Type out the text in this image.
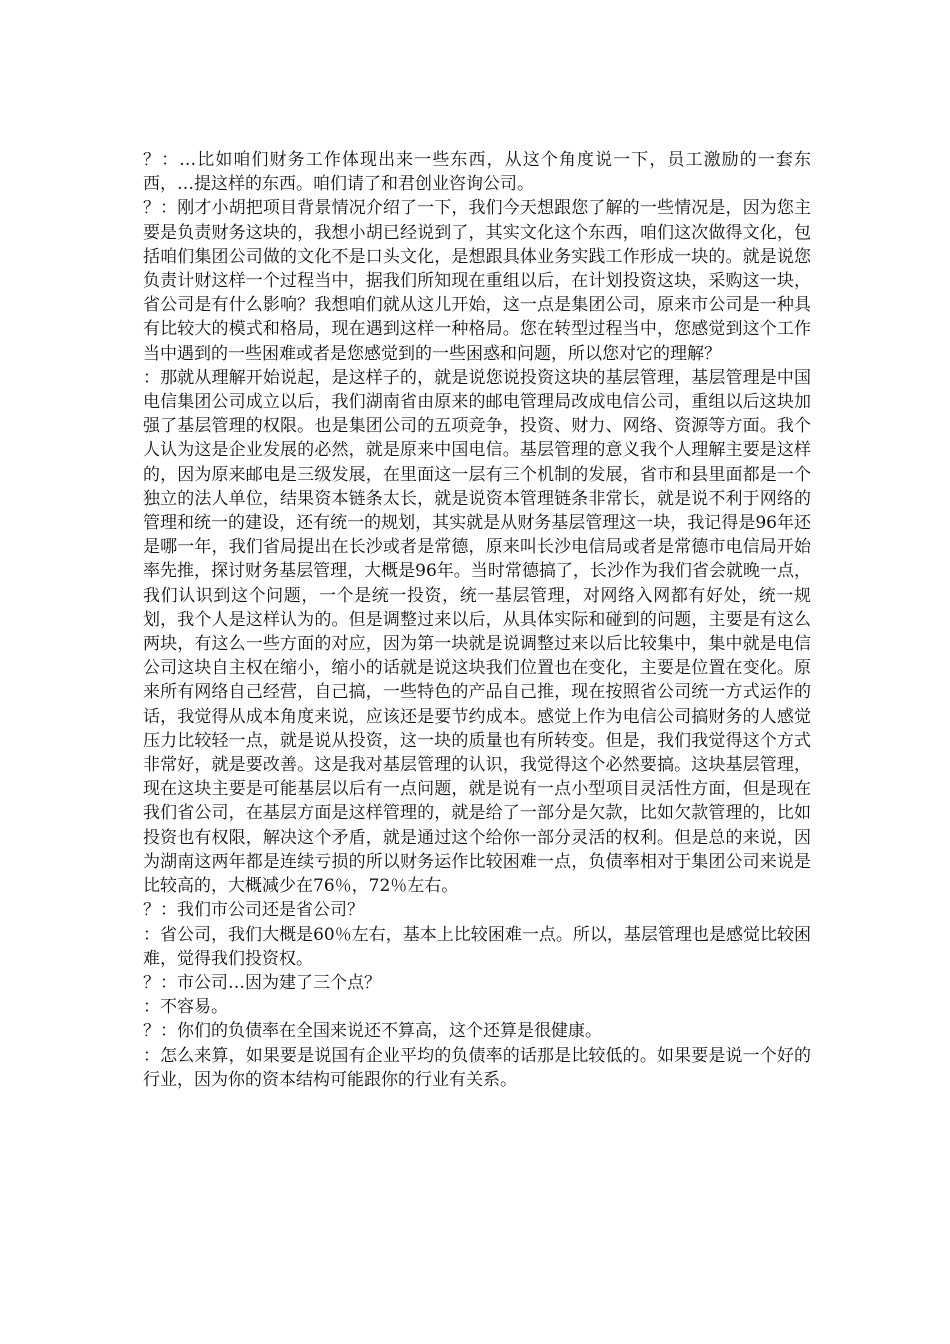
？：…比如咱们财务工作体现出来一些东西，从这个角度说一下，员工激励的一套东西，…提这样的东西。咱们请了和君创业咨询公司。

？：刚才小胡把项目背景情况介绍了一下，我们今天想跟您了解的一些情况是，因为您主要是负责财务这块的，我想小胡已经说到了，其实文化这个东西，咱们这次做得文化，包括咱们集团公司做的文化不是口头文化，是想跟具体业务实践工作形成一块的。就是说您负责计财这样一个过程当中，据我们所知现在重组以后，在计划投资这块，采购这一块，省公司是有什么影响？我想咱们就从这儿开始，这一点是集团公司，原来市公司是一种具有比较大的模式和格局，现在遇到这样一种格局。您在转型过程当中，您感觉到这个工作当中遇到的一些困难或者是您感觉到的一些困惑和问题，所以您对它的理解？

：那就从理解开始说起，是这样子的，就是说您说投资这块的基层管理，基层管理是中国电信集团公司成立以后，我们湖南省由原来的邮电管理局改成电信公司，重组以后这块加强了基层管理的权限。也是集团公司的五项竞争，投资、财力、网络、资源等方面。我个人认为这是企业发展的必然，就是原来中国电信。基层管理的意义我个人理解主要是这样的，因为原来邮电是三级发展，在里面这一层有三个机制的发展，省市和县里面都是一个独立的法人单位，结果资本链条太长，就是说资本管理链条非常长，就是说不利于网络的管理和统一的建设，还有统一的规划，其实就是从财务基层管理这一块，我记得是96年还是哪一年，我们省局提出在长沙或者是常德，原来叫长沙电信局或者是常德市电信局开始率先推，探讨财务基层管理，大概是96年。当时常德搞了，长沙作为我们省会就晚一点，我们认识到这个问题，一个是统一投资，统一基层管理，对网络入网都有好处，统一规划，我个人是这样认为的。但是调整过来以后，从具体实际和碰到的问题，主要是有这么两块，有这么一些方面的对应，因为第一块就是说调整过来以后比较集中，集中就是电信公司这块自主权在缩小，缩小的话就是说这块我们位置也在变化，主要是位置在变化。原来所有网络自己经营，自己搞，一些特色的产品自己推，现在按照省公司统一方式运作的话，我觉得从成本角度来说，应该还是要节约成本。感觉上作为电信公司搞财务的人感觉压力比较轻一点，就是说从投资，这一块的质量也有所转变。但是，我们我觉得这个方式非常好，就是要改善。这是我对基层管理的认识，我觉得这个必然要搞。这块基层管理，现在这块主要是可能基层以后有一点问题，就是说有一点小型项目灵活性方面，但是现在我们省公司，在基层方面是这样管理的，就是给了一部分是欠款，比如欠款管理的，比如投资也有权限，解决这个矛盾，就是通过这个给你一部分灵活的权利。但是总的来说，因为湖南这两年都是连续亏损的所以财务运作比较困难一点，负债率相对于集团公司来说是比较高的，大概减少在76％，72％左右。

？：我们市公司还是省公司？

：省公司，我们大概是60％左右，基本上比较困难一点。所以，基层管理也是感觉比较困难，觉得我们投资权。

？：市公司…因为建了三个点？

：不容易。

？：你们的负债率在全国来说还不算高，这个还算是很健康。

：怎么来算，如果要是说国有企业平均的负债率的话那是比较低的。如果要是说一个好的行业，因为你的资本结构可能跟你的行业有关系。
